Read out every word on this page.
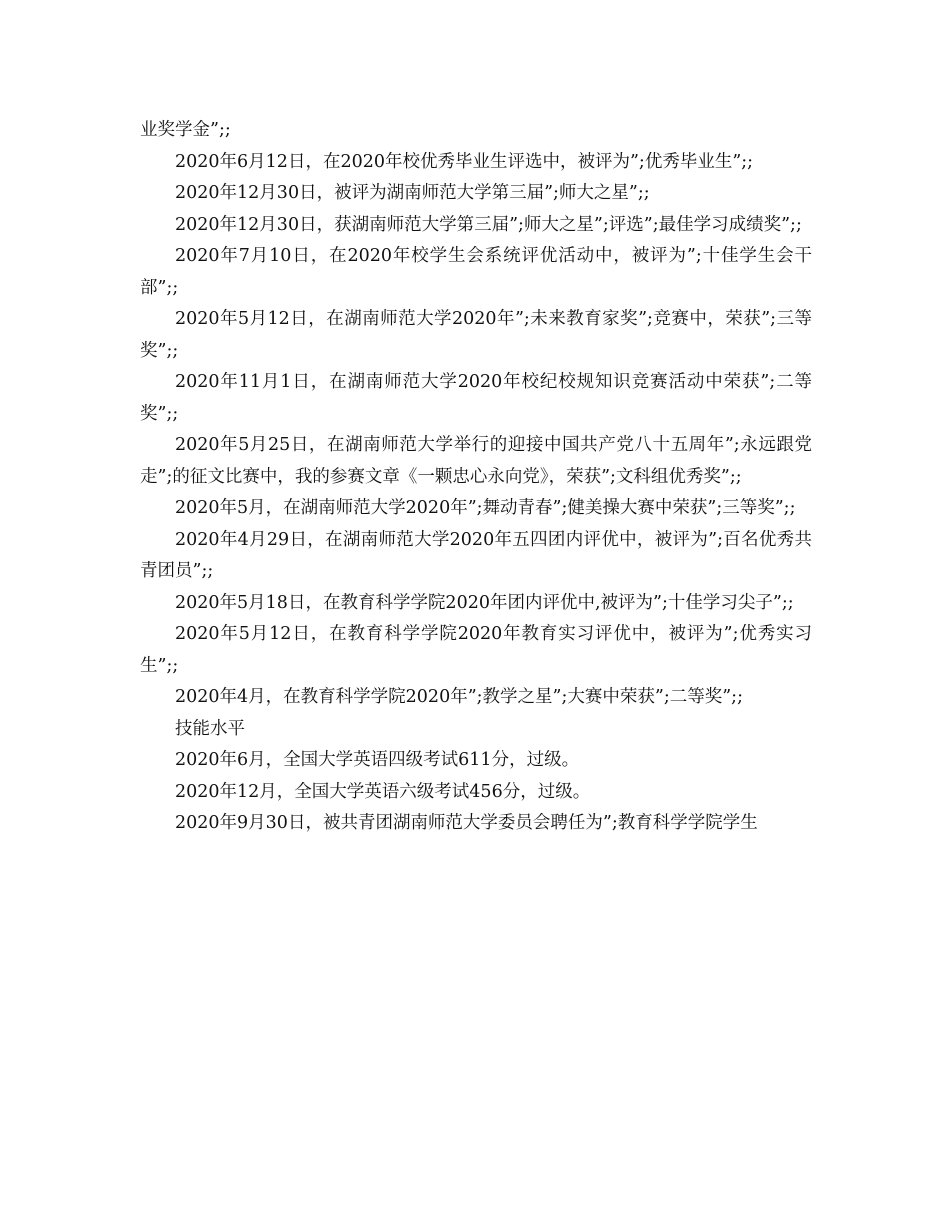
业奖学金”;;

2020年6月12日，在2020年校优秀毕业生评选中，被评为”;优秀毕业生”;;

2020年12月30日，被评为湖南师范大学第三届”;师大之星”;;

2020年12月30日，获湖南师范大学第三届”;师大之星”;评选”;最佳学习成绩奖”;;

2020年7月10日，在2020年校学生会系统评优活动中，被评为”;十佳学生会干部”;;

2020年5月12日，在湖南师范大学2020年”;未来教育家奖”;竞赛中，荣获”;三等奖”;;

2020年11月1日，在湖南师范大学2020年校纪校规知识竞赛活动中荣获”;二等奖”;;

2020年5月25日，在湖南师范大学举行的迎接中国共产党八十五周年”;永远跟党走”;的征文比赛中，我的参赛文章《一颗忠心永向党》，荣获”;文科组优秀奖”;;

2020年5月，在湖南师范大学2020年”;舞动青春”;健美操大赛中荣获”;三等奖”;;

2020年4月29日，在湖南师范大学2020年五四团内评优中，被评为”;百名优秀共青团员”;;

2020年5月18日，在教育科学学院2020年团内评优中,被评为”;十佳学习尖子”;;

2020年5月12日，在教育科学学院2020年教育实习评优中，被评为”;优秀实习生”;;

2020年4月，在教育科学学院2020年”;教学之星”;大赛中荣获”;二等奖”;;

技能水平

2020年6月，全国大学英语四级考试611分，过级。

2020年12月，全国大学英语六级考试456分，过级。

2020年9月30日，被共青团湖南师范大学委员会聘任为”;教育科学学院学生
